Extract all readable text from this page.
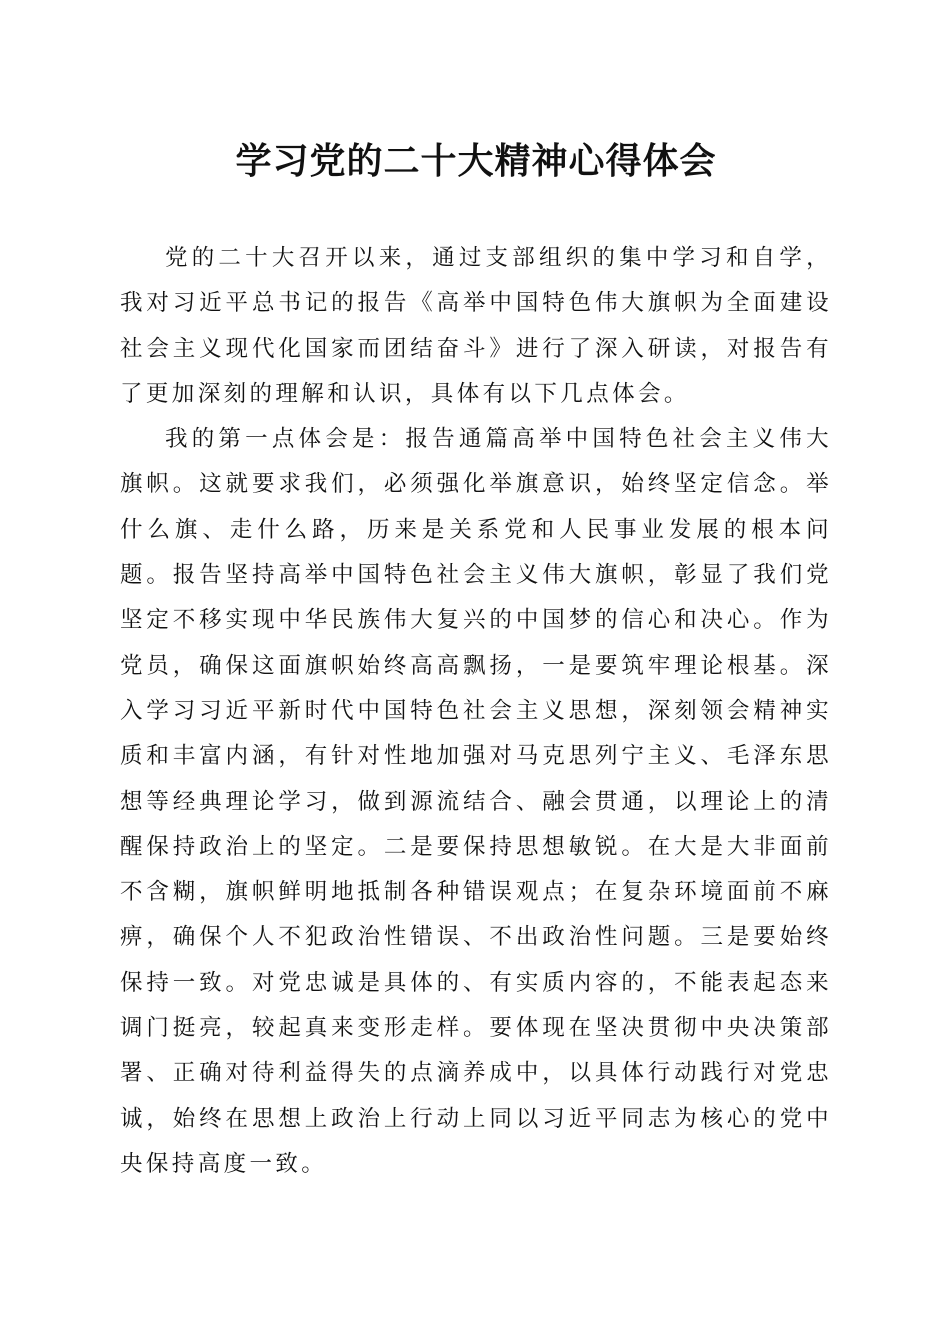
学习党的二十大精神心得体会

党的二十大召开以来，通过支部组织的集中学习和自学，我对习近平总书记的报告《高举中国特色伟大旗帜为全面建设社会主义现代化国家而团结奋斗》进行了深入研读，对报告有了更加深刻的理解和认识，具体有以下几点体会。

我的第一点体会是：报告通篇高举中国特色社会主义伟大旗帜。这就要求我们，必须强化举旗意识，始终坚定信念。举什么旗、走什么路，历来是关系党和人民事业发展的根本问题。报告坚持高举中国特色社会主义伟大旗帜，彰显了我们党坚定不移实现中华民族伟大复兴的中国梦的信心和决心。作为党员，确保这面旗帜始终高高飘扬，一是要筑牢理论根基。深入学习习近平新时代中国特色社会主义思想，深刻领会精神实质和丰富内涵，有针对性地加强对马克思列宁主义、毛泽东思想等经典理论学习，做到源流结合、融会贯通，以理论上的清醒保持政治上的坚定。二是要保持思想敏锐。在大是大非面前不含糊，旗帜鲜明地抵制各种错误观点；在复杂环境面前不麻痹，确保个人不犯政治性错误、不出政治性问题。三是要始终保持一致。对党忠诚是具体的、有实质内容的，不能表起态来调门挺亮，较起真来变形走样。要体现在坚决贯彻中央决策部署、正确对待利益得失的点滴养成中，以具体行动践行对党忠诚，始终在思想上政治上行动上同以习近平同志为核心的党中央保持高度一致。
